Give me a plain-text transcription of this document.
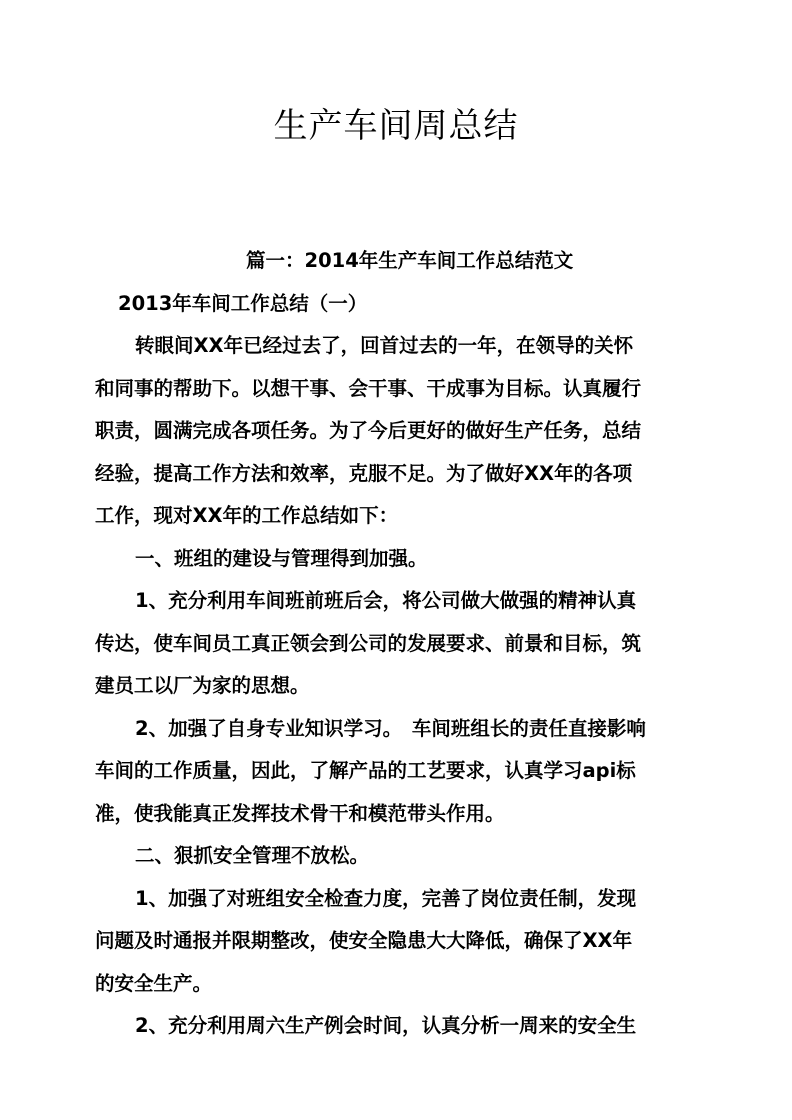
生产车间周总结

篇一：2014年生产车间工作总结范文

2013年车间工作总结（一）

转眼间XX年已经过去了，回首过去的一年，在领导的关怀

和同事的帮助下。以想干事、会干事、干成事为目标。认真履行

职责，圆满完成各项任务。为了今后更好的做好生产任务，总结

经验，提高工作方法和效率，克服不足。为了做好XX年的各项

工作，现对XX年的工作总结如下：

一、班组的建设与管理得到加强。

1、充分利用车间班前班后会，将公司做大做强的精神认真

传达，使车间员工真正领会到公司的发展要求、前景和目标，筑

建员工以厂为家的思想。

2、加强了自身专业知识学习。　车间班组长的责任直接影响

车间的工作质量，因此，了解产品的工艺要求，认真学习api标

准，使我能真正发挥技术骨干和模范带头作用。

二、狠抓安全管理不放松。

1、加强了对班组安全检查力度，完善了岗位责任制，发现

问题及时通报并限期整改，使安全隐患大大降低，确保了XX年

的安全生产。

2、充分利用周六生产例会时间，认真分析一周来的安全生
